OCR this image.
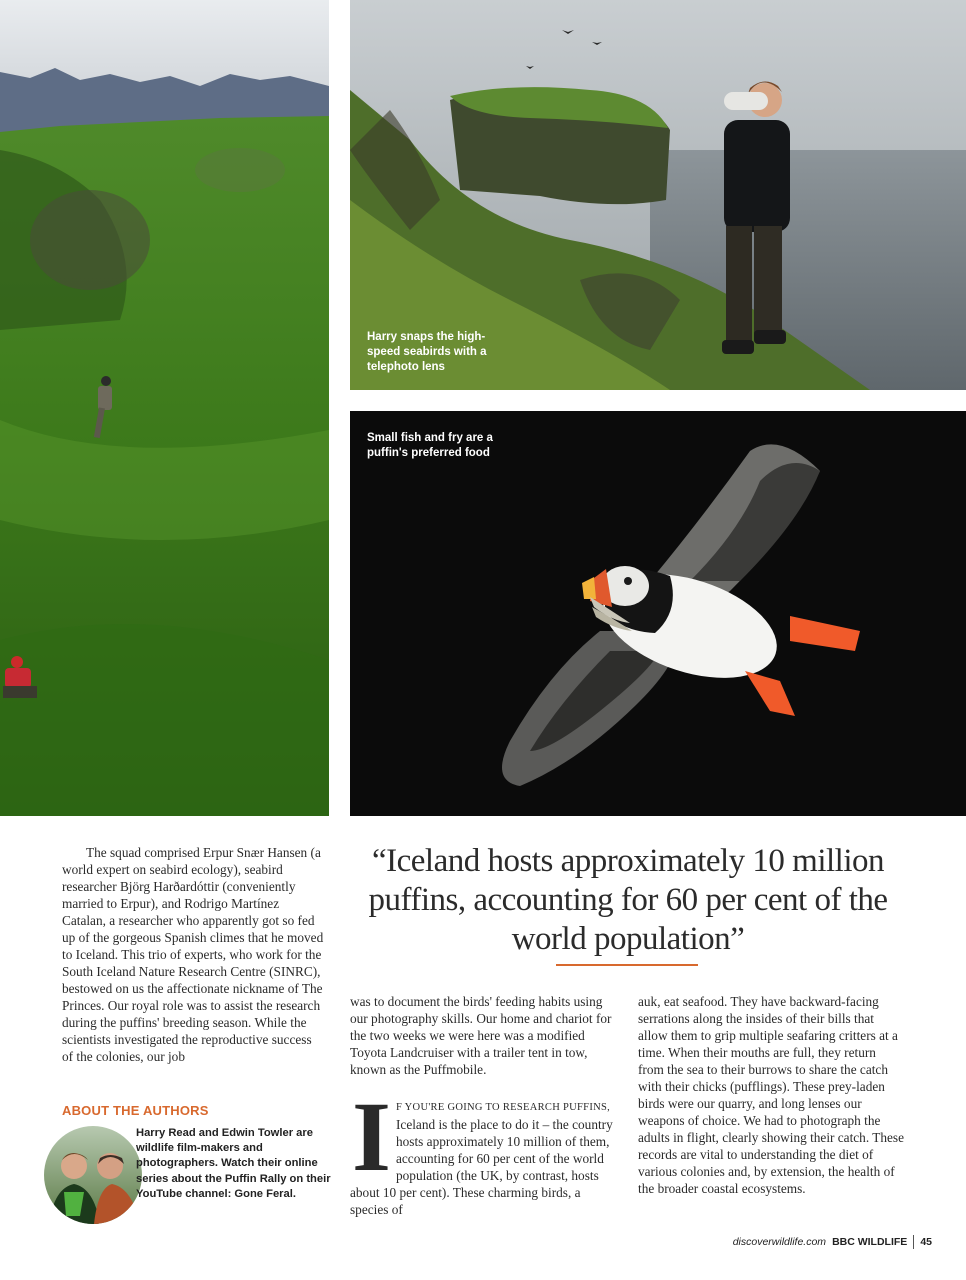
Harry snaps the high-speed seabirds with a telephoto lens
Small fish and fry are a puffin's preferred food
The squad comprised Erpur Snær Hansen (a world expert on seabird ecology), seabird researcher Björg Harðardóttir (conveniently married to Erpur), and Rodrigo Martínez Catalan, a researcher who apparently got so fed up of the gorgeous Spanish climes that he moved to Iceland. This trio of experts, who work for the South Iceland Nature Research Centre (SINRC), bestowed on us the affectionate nickname of The Princes. Our royal role was to assist the research during the puffins' breeding season. While the scientists investigated the reproductive success of the colonies, our job
“Iceland hosts approximately 10 million puffins, accounting for 60 per cent of the world population”
was to document the birds' feeding habits using our photography skills. Our home and chariot for the two weeks we were here was a modified Toyota Landcruiser with a trailer tent in tow, known as the Puffmobile.
I F YOU'RE GOING TO RESEARCH PUFFINS, Iceland is the place to do it – the country hosts approximately 10 million of them, accounting for 60 per cent of the world population (the UK, by contrast, hosts about 10 per cent). These charming birds, a species of
auk, eat seafood. They have backward-facing serrations along the insides of their bills that allow them to grip multiple seafaring critters at a time. When their mouths are full, they return from the sea to their burrows to share the catch with their chicks (pufflings). These prey-laden birds were our quarry, and long lenses our weapons of choice. We had to photograph the adults in flight, clearly showing their catch. These records are vital to understanding the diet of various colonies and, by extension, the health of the broader coastal ecosystems.
ABOUT THE AUTHORS
Harry Read and Edwin Towler are wildlife film-makers and photographers. Watch their online series about the Puffin Rally on their YouTube channel: Gone Feral.
discoverwildlife.com BBC WILDLIFE 45
